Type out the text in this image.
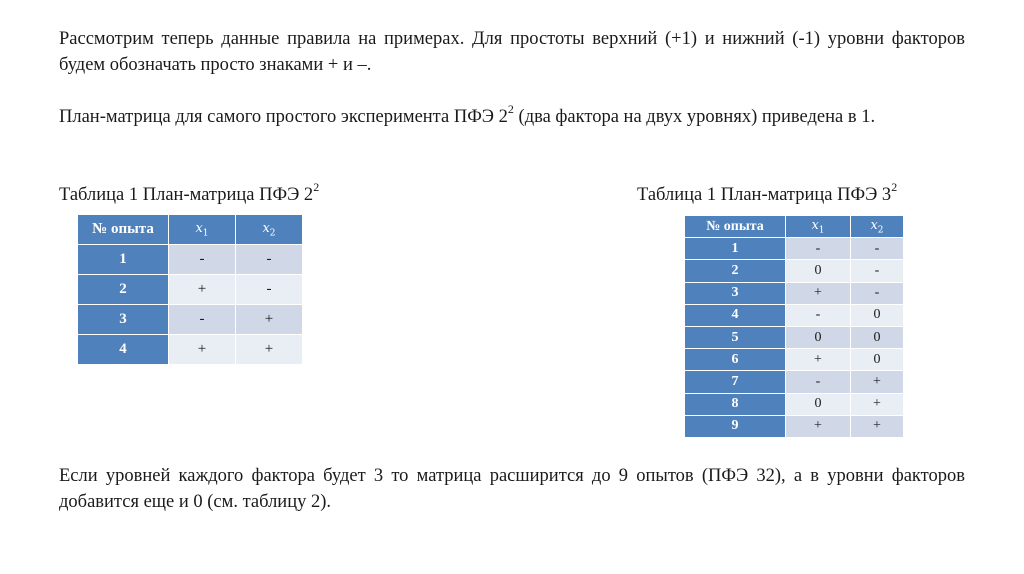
Рассмотрим теперь данные правила на примерах. Для простоты верхний (+1) и нижний (-1) уровни факторов будем обозначать просто знаками + и –.

План-матрица для самого простого эксперимента ПФЭ $2^2$ (два фактора на двух уровнях) приведена в 1.

Таблица 1 План-матрица ПФЭ $2^2$	Таблица 1 План-матрица ПФЭ $3^2$
№ опыта	$x_1$	$x_2$
1	-	-
2	+	-
3	-	+
4	+	+
№ опыта	$x_1$	$x_2$
1	-	-
2	0	-
3	+	-
4	-	0
5	0	0
6	+	0
7	-	+
8	0	+
9	+	+

Если уровней каждого фактора будет 3 то матрица расширится до 9 опытов (ПФЭ 32), а в уровни факторов добавится еще и 0 (см. таблицу 2).
